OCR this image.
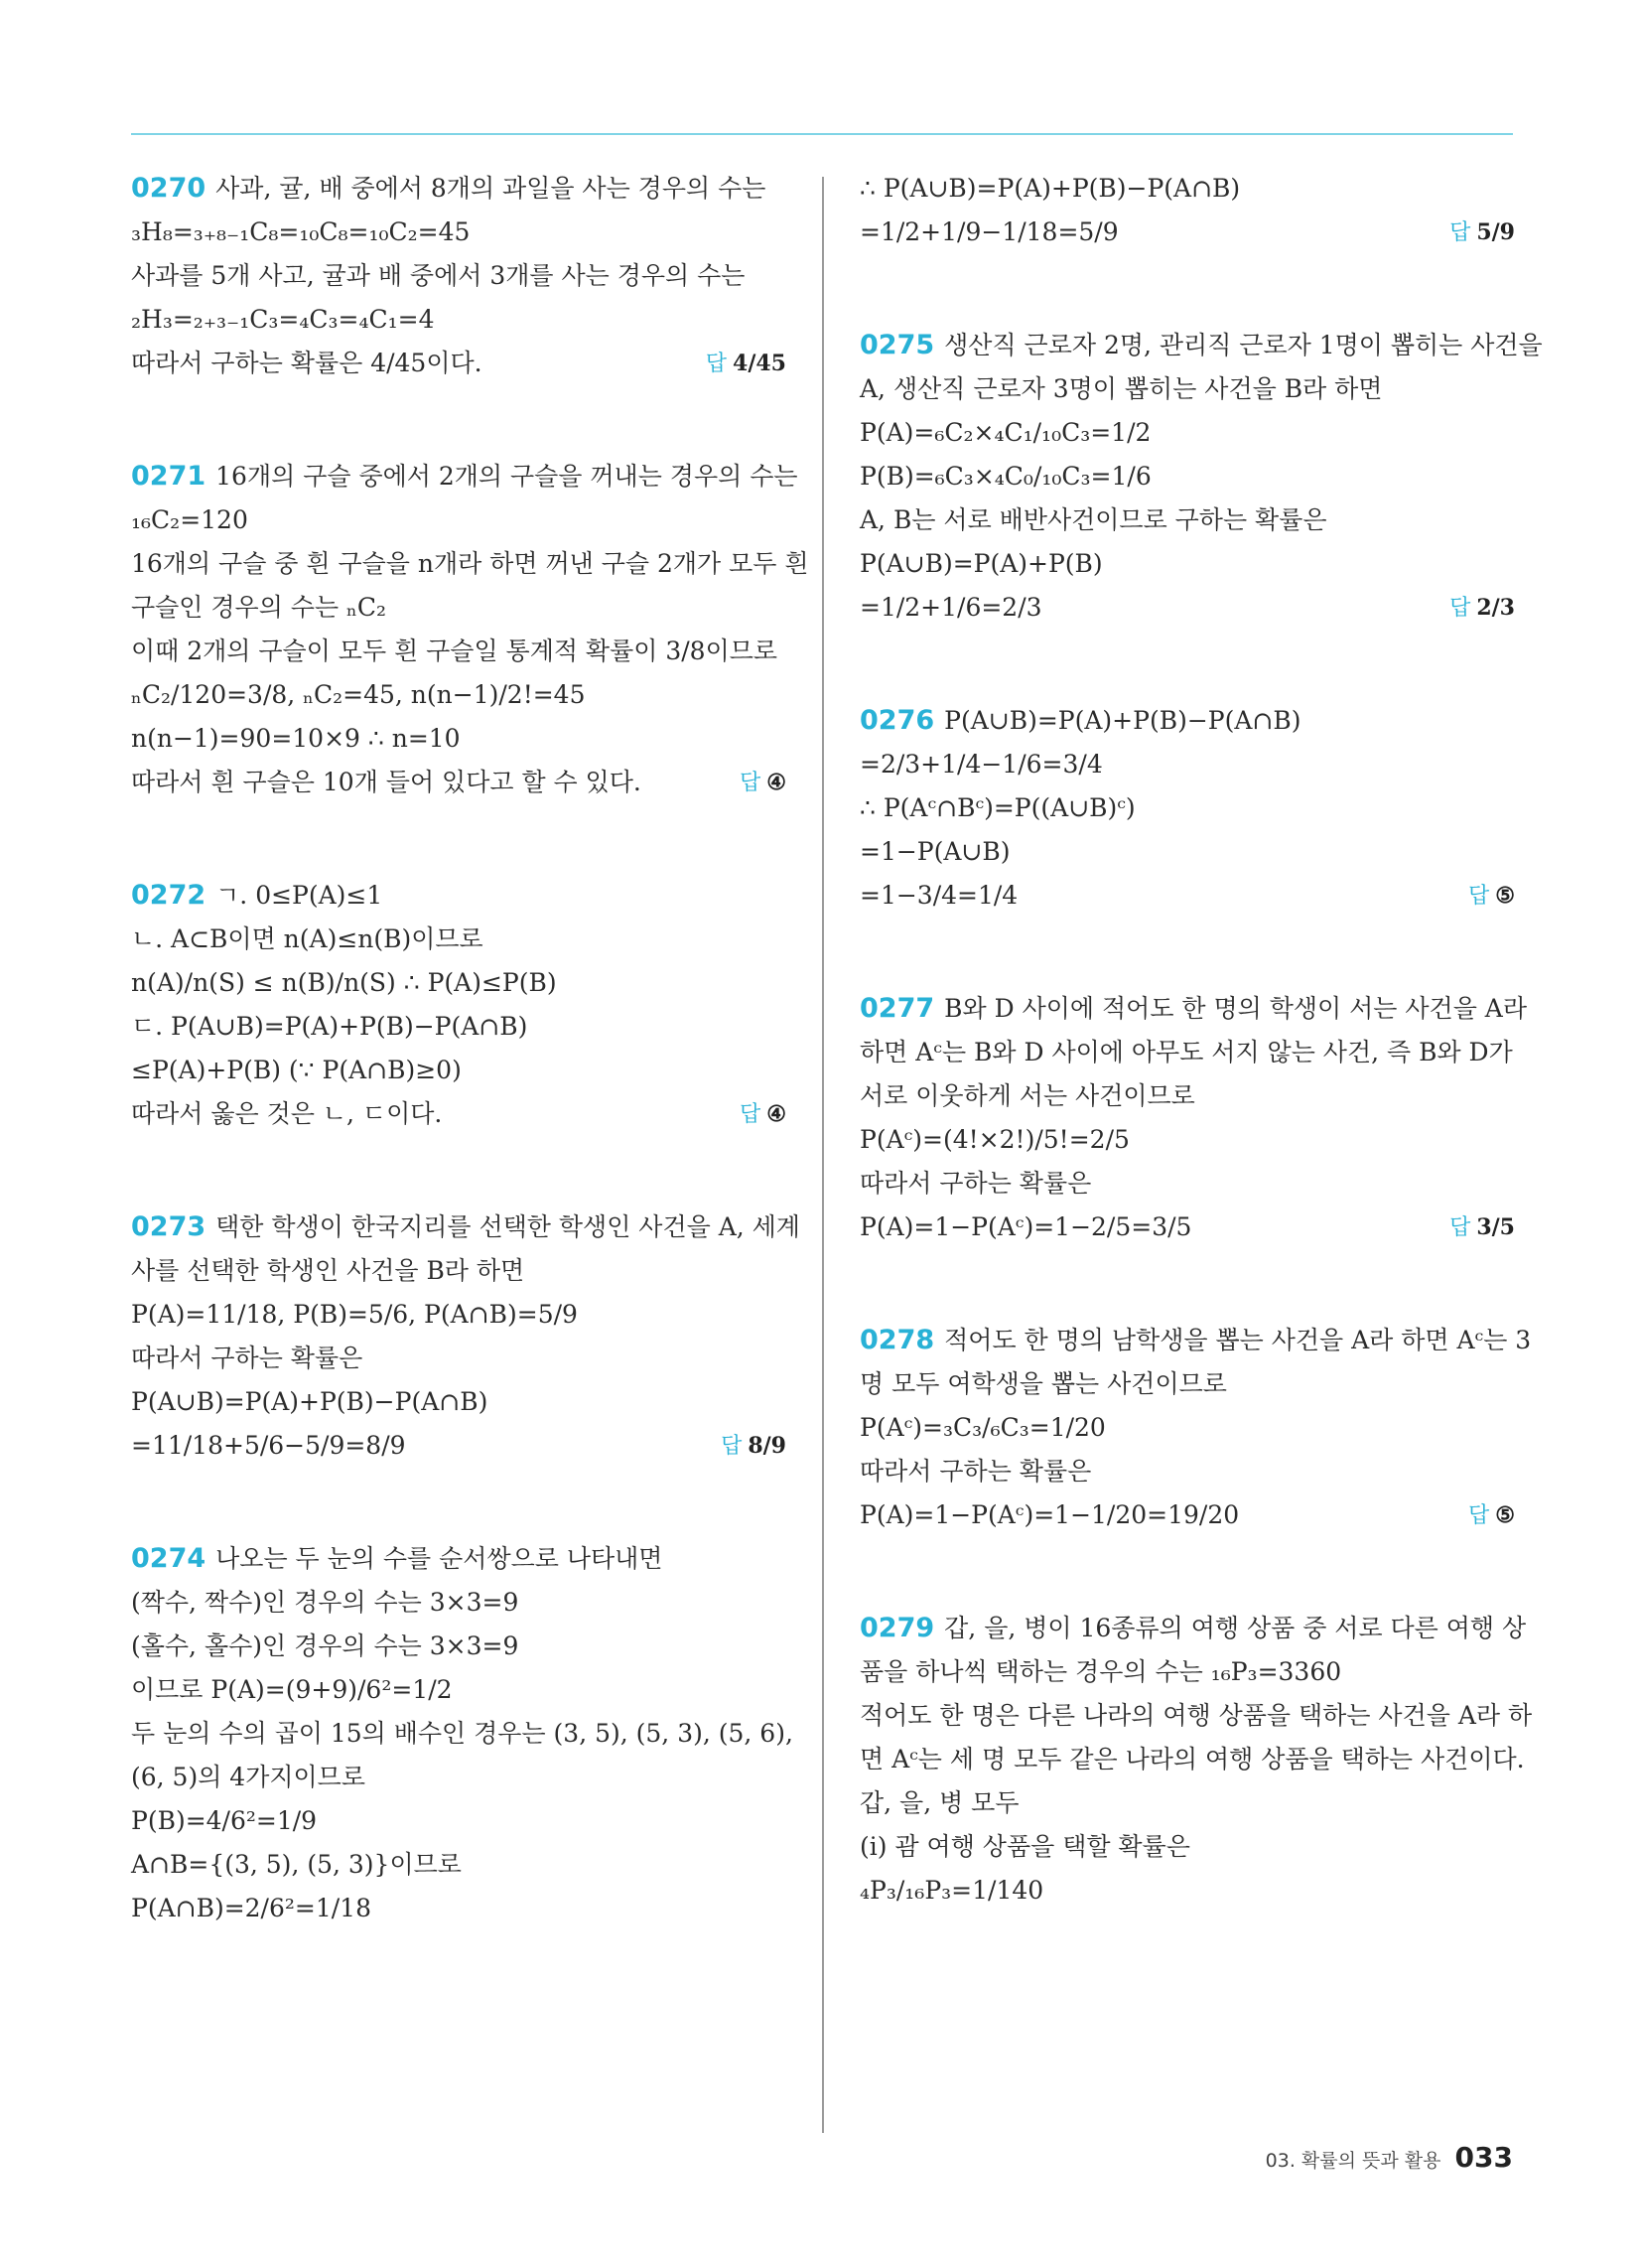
0270 사과, 귤, 배 중에서 8개의 과일을 사는 경우의 수는
₃H₈=₃₊₈₋₁C₈=₁₀C₈=₁₀C₂=45
사과를 5개 사고, 귤과 배 중에서 3개를 사는 경우의 수는
₂H₃=₂₊₃₋₁C₃=₄C₃=₄C₁=4
따라서 구하는 확률은 4/45이다.	답 4/45
0271 16개의 구슬 중에서 2개의 구슬을 꺼내는 경우의 수는
₁₆C₂=120
16개의 구슬 중 흰 구슬을 n개라 하면 꺼낸 구슬 2개가 모두 흰
구슬인 경우의 수는 ₙC₂
이때 2개의 구슬이 모두 흰 구슬일 통계적 확률이 3/8이므로
ₙC₂/120=3/8, ₙC₂=45, n(n−1)/2!=45
n(n−1)=90=10×9 ∴ n=10
따라서 흰 구슬은 10개 들어 있다고 할 수 있다.	답 ④
0272 ㄱ. 0≤P(A)≤1
ㄴ. A⊂B이면 n(A)≤n(B)이므로
n(A)/n(S) ≤ n(B)/n(S) ∴ P(A)≤P(B)
ㄷ. P(A∪B)=P(A)+P(B)−P(A∩B)
≤P(A)+P(B) (∵ P(A∩B)≥0)
따라서 옳은 것은 ㄴ, ㄷ이다.	답 ④
0273 택한 학생이 한국지리를 선택한 학생인 사건을 A, 세계
사를 선택한 학생인 사건을 B라 하면
P(A)=11/18, P(B)=5/6, P(A∩B)=5/9
따라서 구하는 확률은
P(A∪B)=P(A)+P(B)−P(A∩B)
=11/18+5/6−5/9=8/9	답 8/9
0274 나오는 두 눈의 수를 순서쌍으로 나타내면
(짝수, 짝수)인 경우의 수는 3×3=9
(홀수, 홀수)인 경우의 수는 3×3=9
이므로 P(A)=(9+9)/6²=1/2
두 눈의 수의 곱이 15의 배수인 경우는 (3, 5), (5, 3), (5, 6),
(6, 5)의 4가지이므로
P(B)=4/6²=1/9
A∩B={(3, 5), (5, 3)}이므로
P(A∩B)=2/6²=1/18
∴ P(A∪B)=P(A)+P(B)−P(A∩B)
=1/2+1/9−1/18=5/9	답 5/9
0275 생산직 근로자 2명, 관리직 근로자 1명이 뽑히는 사건을
A, 생산직 근로자 3명이 뽑히는 사건을 B라 하면
P(A)=₆C₂×₄C₁/₁₀C₃=1/2
P(B)=₆C₃×₄C₀/₁₀C₃=1/6
A, B는 서로 배반사건이므로 구하는 확률은
P(A∪B)=P(A)+P(B)
=1/2+1/6=2/3	답 2/3
0276 P(A∪B)=P(A)+P(B)−P(A∩B)
=2/3+1/4−1/6=3/4
∴ P(Aᶜ∩Bᶜ)=P((A∪B)ᶜ)
=1−P(A∪B)
=1−3/4=1/4	답 ⑤
0277 B와 D 사이에 적어도 한 명의 학생이 서는 사건을 A라
하면 Aᶜ는 B와 D 사이에 아무도 서지 않는 사건, 즉 B와 D가
서로 이웃하게 서는 사건이므로
P(Aᶜ)=(4!×2!)/5!=2/5
따라서 구하는 확률은
P(A)=1−P(Aᶜ)=1−2/5=3/5	답 3/5
0278 적어도 한 명의 남학생을 뽑는 사건을 A라 하면 Aᶜ는 3
명 모두 여학생을 뽑는 사건이므로
P(Aᶜ)=₃C₃/₆C₃=1/20
따라서 구하는 확률은
P(A)=1−P(Aᶜ)=1−1/20=19/20	답 ⑤
0279 갑, 을, 병이 16종류의 여행 상품 중 서로 다른 여행 상
품을 하나씩 택하는 경우의 수는 ₁₆P₃=3360
적어도 한 명은 다른 나라의 여행 상품을 택하는 사건을 A라 하
면 Aᶜ는 세 명 모두 같은 나라의 여행 상품을 택하는 사건이다.
갑, 을, 병 모두
(i) 괌 여행 상품을 택할 확률은
₄P₃/₁₆P₃=1/140
03. 확률의 뜻과 활용 033
